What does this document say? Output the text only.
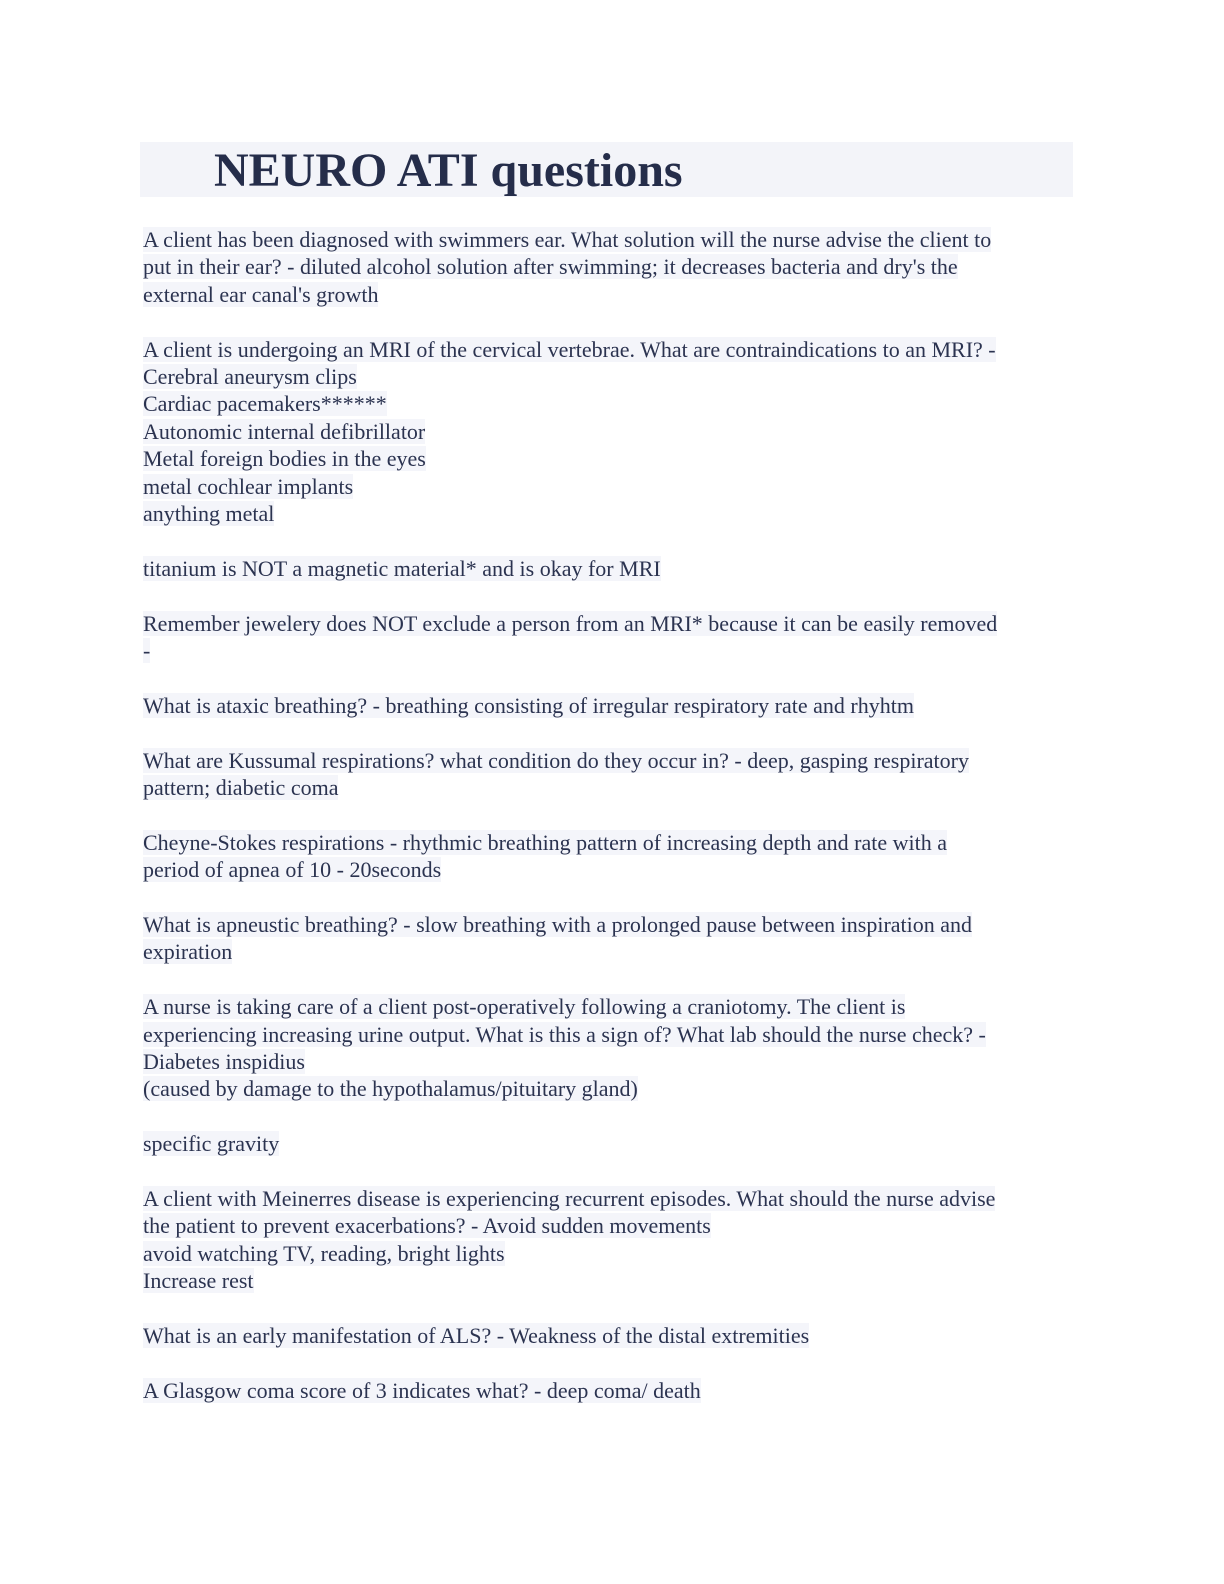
NEURO ATI questions

A client has been diagnosed with swimmers ear. What solution will the nurse advise the client to
put in their ear? - diluted alcohol solution after swimming; it decreases bacteria and dry's the
external ear canal's growth

A client is undergoing an MRI of the cervical vertebrae. What are contraindications to an MRI? -
Cerebral aneurysm clips
Cardiac pacemakers******
Autonomic internal defibrillator
Metal foreign bodies in the eyes
metal cochlear implants
anything metal

titanium is NOT a magnetic material* and is okay for MRI

Remember jewelery does NOT exclude a person from an MRI* because it can be easily removed
-

What is ataxic breathing? - breathing consisting of irregular respiratory rate and rhyhtm

What are Kussumal respirations? what condition do they occur in? - deep, gasping respiratory
pattern; diabetic coma

Cheyne-Stokes respirations - rhythmic breathing pattern of increasing depth and rate with a
period of apnea of 10 - 20seconds

What is apneustic breathing? - slow breathing with a prolonged pause between inspiration and
expiration

A nurse is taking care of a client post-operatively following a craniotomy. The client is
experiencing increasing urine output. What is this a sign of? What lab should the nurse check? -
Diabetes inspidius
(caused by damage to the hypothalamus/pituitary gland)

specific gravity

A client with Meinerres disease is experiencing recurrent episodes. What should the nurse advise
the patient to prevent exacerbations? - Avoid sudden movements
avoid watching TV, reading, bright lights
Increase rest

What is an early manifestation of ALS? - Weakness of the distal extremities

A Glasgow coma score of 3 indicates what? - deep coma/ death
